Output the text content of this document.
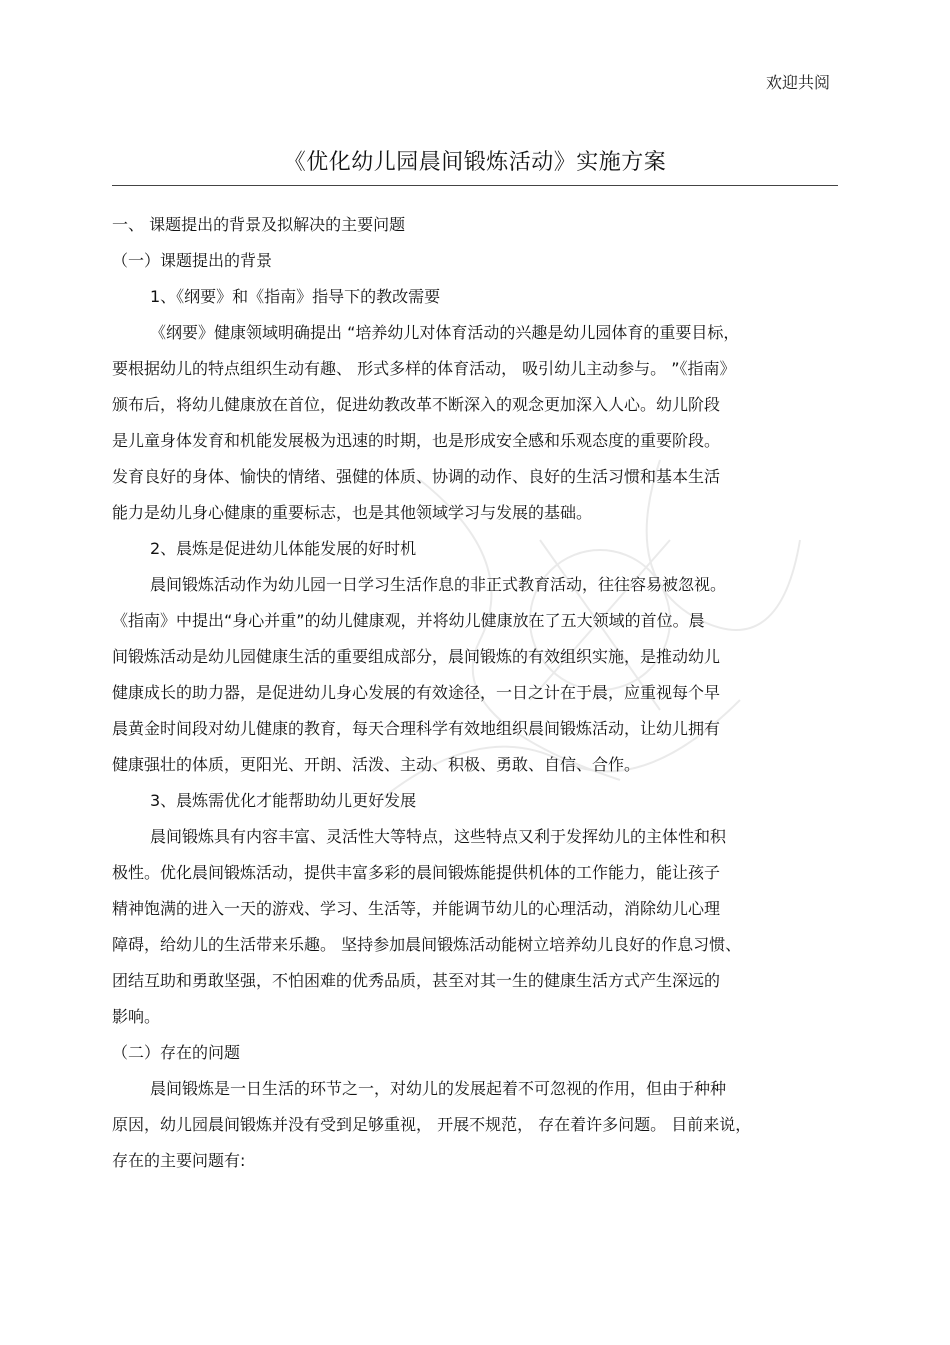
欢迎共阅
《优化幼儿园晨间锻炼活动》实施方案
一、 课题提出的背景及拟解决的主要问题
（一）课题提出的背景
1、《纲要》和《指南》指导下的教改需要
《纲要》健康领域明确提出 “培养幼儿对体育活动的兴趣是幼儿园体育的重要目标，
要根据幼儿的特点组织生动有趣、 形式多样的体育活动， 吸引幼儿主动参与。 ”《指南》
颁布后，将幼儿健康放在首位，促进幼教改革不断深入的观念更加深入人心。幼儿阶段
是儿童身体发育和机能发展极为迅速的时期，也是形成安全感和乐观态度的重要阶段。
发育良好的身体、愉快的情绪、强健的体质、协调的动作、良好的生活习惯和基本生活
能力是幼儿身心健康的重要标志，也是其他领域学习与发展的基础。
2、晨炼是促进幼儿体能发展的好时机
晨间锻炼活动作为幼儿园一日学习生活作息的非正式教育活动，往往容易被忽视。
《指南》中提出“身心并重”的幼儿健康观，并将幼儿健康放在了五大领域的首位。晨
间锻炼活动是幼儿园健康生活的重要组成部分，晨间锻炼的有效组织实施，是推动幼儿
健康成长的助力器，是促进幼儿身心发展的有效途径，一日之计在于晨，应重视每个早
晨黄金时间段对幼儿健康的教育，每天合理科学有效地组织晨间锻炼活动，让幼儿拥有
健康强壮的体质，更阳光、开朗、活泼、主动、积极、勇敢、自信、合作。
3、晨炼需优化才能帮助幼儿更好发展
晨间锻炼具有内容丰富、灵活性大等特点，这些特点又利于发挥幼儿的主体性和积
极性。优化晨间锻炼活动，提供丰富多彩的晨间锻炼能提供机体的工作能力，能让孩子
精神饱满的进入一天的游戏、学习、生活等，并能调节幼儿的心理活动，消除幼儿心理
障碍，给幼儿的生活带来乐趣。 坚持参加晨间锻炼活动能树立培养幼儿良好的作息习惯、
团结互助和勇敢坚强，不怕困难的优秀品质，甚至对其一生的健康生活方式产生深远的
影响。
（二）存在的问题
晨间锻炼是一日生活的环节之一，对幼儿的发展起着不可忽视的作用，但由于种种
原因，幼儿园晨间锻炼并没有受到足够重视， 开展不规范， 存在着许多问题。 目前来说，
存在的主要问题有:
